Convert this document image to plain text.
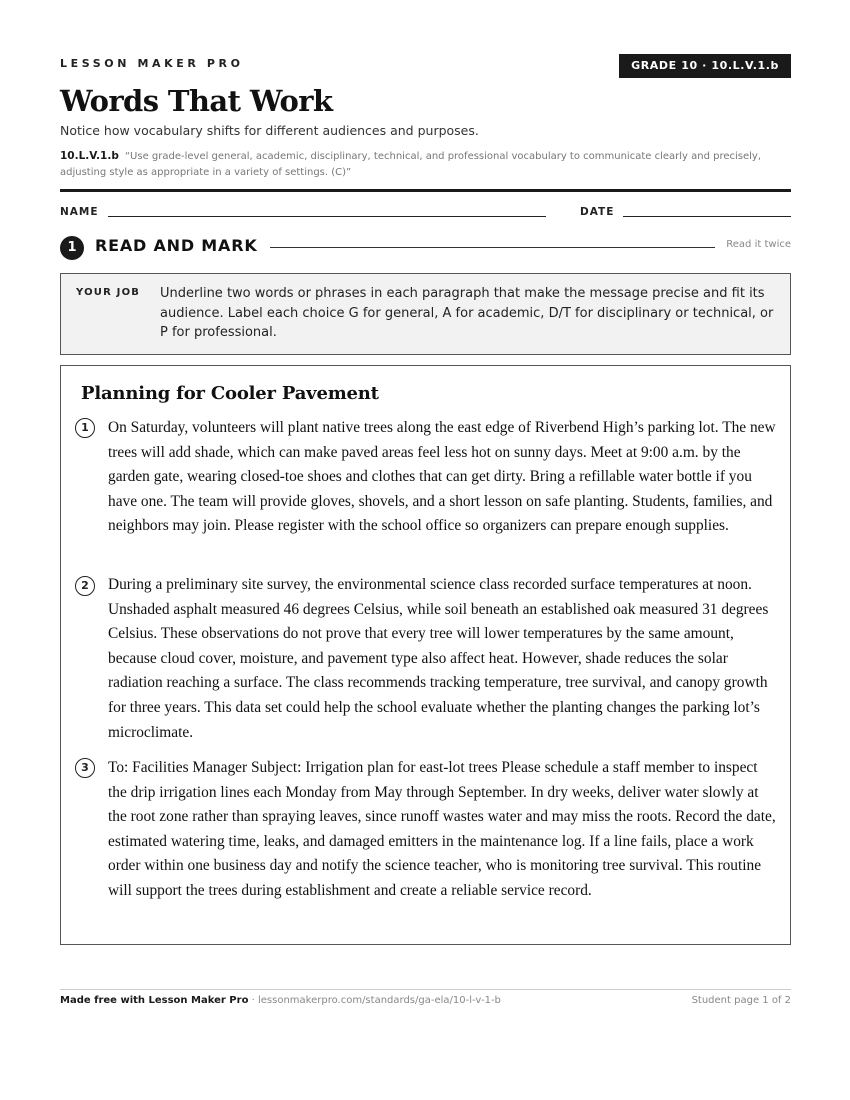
LESSON MAKER PRO	GRADE 10 · 10.L.V.1.b
Words That Work
Notice how vocabulary shifts for different audiences and purposes.
10.L.V.1.b “Use grade-level general, academic, disciplinary, technical, and professional vocabulary to communicate clearly and precisely, adjusting style as appropriate in a variety of settings. (C)”
NAME	DATE
1	READ AND MARK	Read it twice
YOUR JOB Underline two words or phrases in each paragraph that make the message precise and fit its audience. Label each choice G for general, A for academic, D/T for disciplinary or technical, or P for professional.
Planning for Cooler Pavement
1	On Saturday, volunteers will plant native trees along the east edge of Riverbend High’s parking lot. The new trees will add shade, which can make paved areas feel less hot on sunny days. Meet at 9:00 a.m. by the garden gate, wearing closed-toe shoes and clothes that can get dirty. Bring a refillable water bottle if you have one. The team will provide gloves, shovels, and a short lesson on safe planting. Students, families, and neighbors may join. Please register with the school office so organizers can prepare enough supplies.

2	During a preliminary site survey, the environmental science class recorded surface temperatures at noon. Unshaded asphalt measured 46 degrees Celsius, while soil beneath an established oak measured 31 degrees Celsius. These observations do not prove that every tree will lower temperatures by the same amount, because cloud cover, moisture, and pavement type also affect heat. However, shade reduces the solar radiation reaching a surface. The class recommends tracking temperature, tree survival, and canopy growth for three years. This data set could help the school evaluate whether the planting changes the parking lot’s microclimate.

3	To: Facilities Manager Subject: Irrigation plan for east-lot trees Please schedule a staff member to inspect the drip irrigation lines each Monday from May through September. In dry weeks, deliver water slowly at the root zone rather than spraying leaves, since runoff wastes water and may miss the roots. Record the date, estimated watering time, leaks, and damaged emitters in the maintenance log. If a line fails, place a work order within one business day and notify the science teacher, who is monitoring tree survival. This routine will support the trees during establishment and create a reliable service record.

Made free with Lesson Maker Pro · lessonmakerpro.com/standards/ga-ela/10-l-v-1-b	Student page 1 of 2
